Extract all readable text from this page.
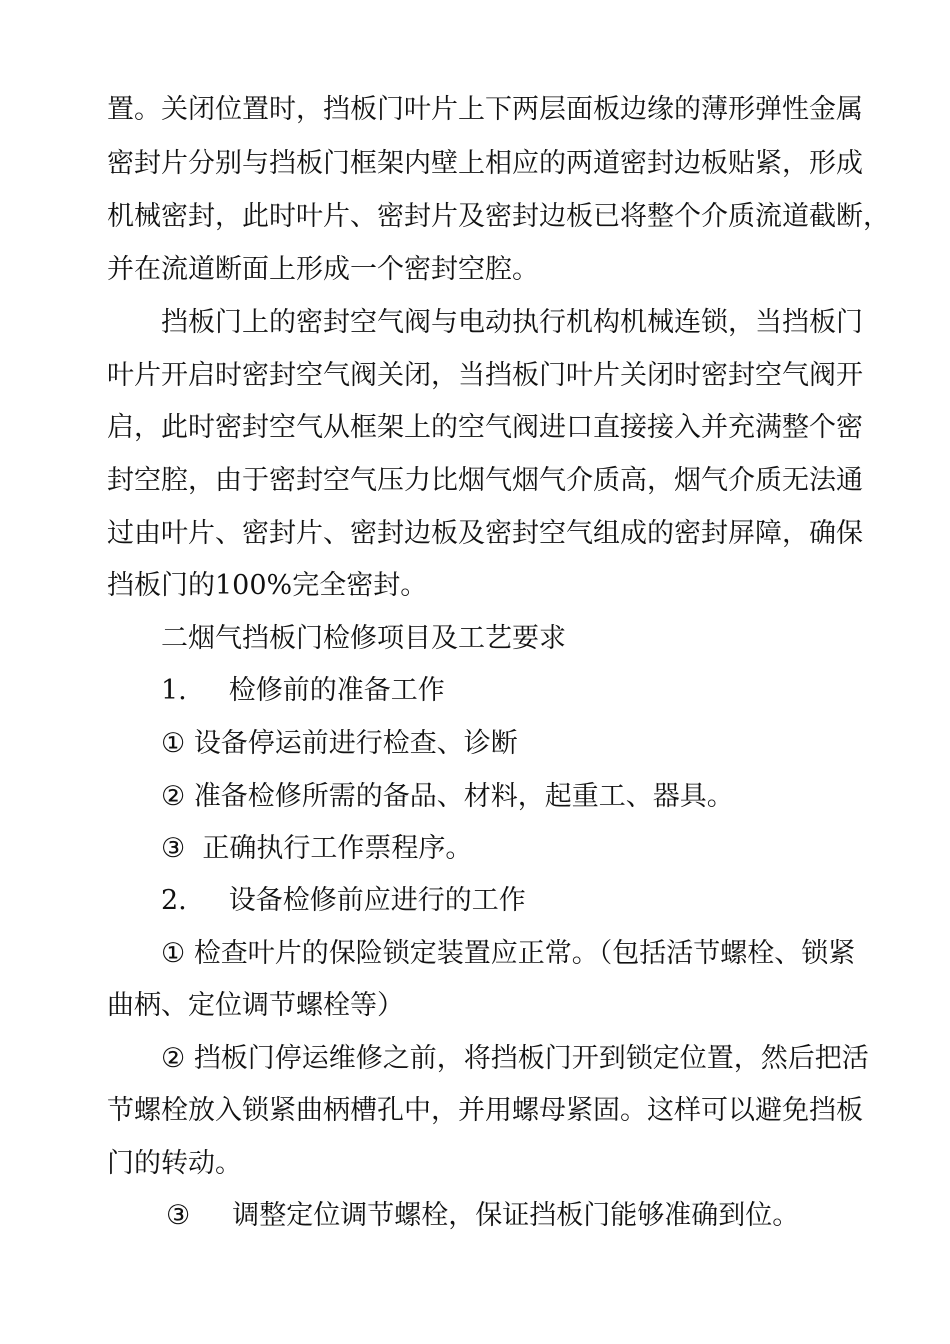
置。关闭位置时，挡板门叶片上下两层面板边缘的薄形弹性金属
密封片分别与挡板门框架内壁上相应的两道密封边板贴紧，形成
机械密封，此时叶片、密封片及密封边板已将整个介质流道截断，
并在流道断面上形成一个密封空腔。
挡板门上的密封空气阀与电动执行机构机械连锁，当挡板门
叶片开启时密封空气阀关闭，当挡板门叶片关闭时密封空气阀开
启，此时密封空气从框架上的空气阀进口直接接入并充满整个密
封空腔，由于密封空气压力比烟气烟气介质高，烟气介质无法通
过由叶片、密封片、密封边板及密封空气组成的密封屏障，确保
挡板门的100%完全密封。
二烟气挡板门检修项目及工艺要求
1. 检修前的准备工作
① 设备停运前进行检查、诊断
② 准备检修所需的备品、材料，起重工、器具。
③ 正确执行工作票程序。
2. 设备检修前应进行的工作
① 检查叶片的保险锁定装置应正常。（包括活节螺栓、锁紧
曲柄、定位调节螺栓等）
② 挡板门停运维修之前，将挡板门开到锁定位置，然后把活
节螺栓放入锁紧曲柄槽孔中，并用螺母紧固。这样可以避免挡板
门的转动。
③ 调整定位调节螺栓，保证挡板门能够准确到位。
